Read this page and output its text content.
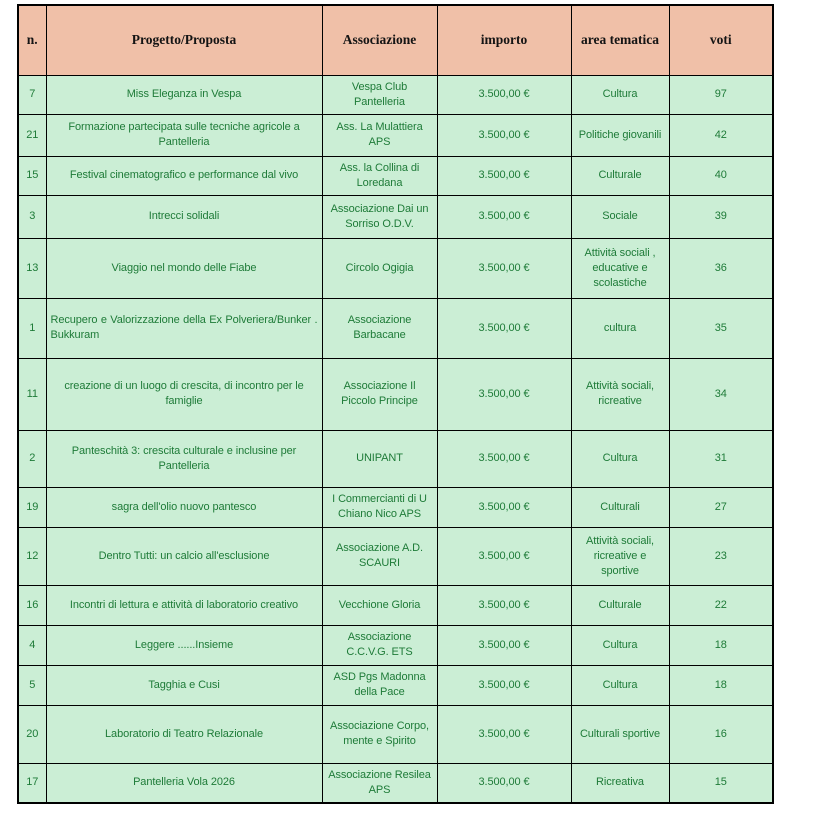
n.	Progetto/Proposta	Associazione	importo	area tematica	voti
7	Miss Eleganza in Vespa	Vespa Club Pantelleria	3.500,00 €	Cultura	97
21	Formazione partecipata sulle tecniche agricole a Pantelleria	Ass. La Mulattiera APS	3.500,00 €	Politiche giovanili	42
15	Festival cinematografico e performance dal vivo	Ass. la Collina di Loredana	3.500,00 €	Culturale	40
3	Intrecci solidali	Associazione Dai un Sorriso O.D.V.	3.500,00 €	Sociale	39
13	Viaggio nel mondo delle Fiabe	Circolo Ogigia	3.500,00 €	Attività sociali , educative e scolastiche	36
1	Recupero e Valorizzazione della Ex Polveriera/Bunker . Bukkuram	Associazione Barbacane	3.500,00 €	cultura	35
11	creazione di un luogo di crescita, di incontro per le famiglie	Associazione Il Piccolo Principe	3.500,00 €	Attività sociali, ricreative	34
2	Panteschità 3: crescita culturale e inclusine per Pantelleria	UNIPANT	3.500,00 €	Cultura	31
19	sagra dell'olio nuovo pantesco	I Commercianti di U Chiano Nico APS	3.500,00 €	Culturali	27
12	Dentro Tutti: un calcio all'esclusione	Associazione A.D. SCAURI	3.500,00 €	Attività sociali, ricreative e sportive	23
16	Incontri di lettura e attività di laboratorio creativo	Vecchione Gloria	3.500,00 €	Culturale	22
4	Leggere ......Insieme	Associazione C.C.V.G. ETS	3.500,00 €	Cultura	18
5	Tagghia e Cusi	ASD Pgs Madonna della Pace	3.500,00 €	Cultura	18
20	Laboratorio di Teatro Relazionale	Associazione Corpo, mente e Spirito	3.500,00 €	Culturali sportive	16
17	Pantelleria Vola 2026	Associazione Resilea APS	3.500,00 €	Ricreativa	15
